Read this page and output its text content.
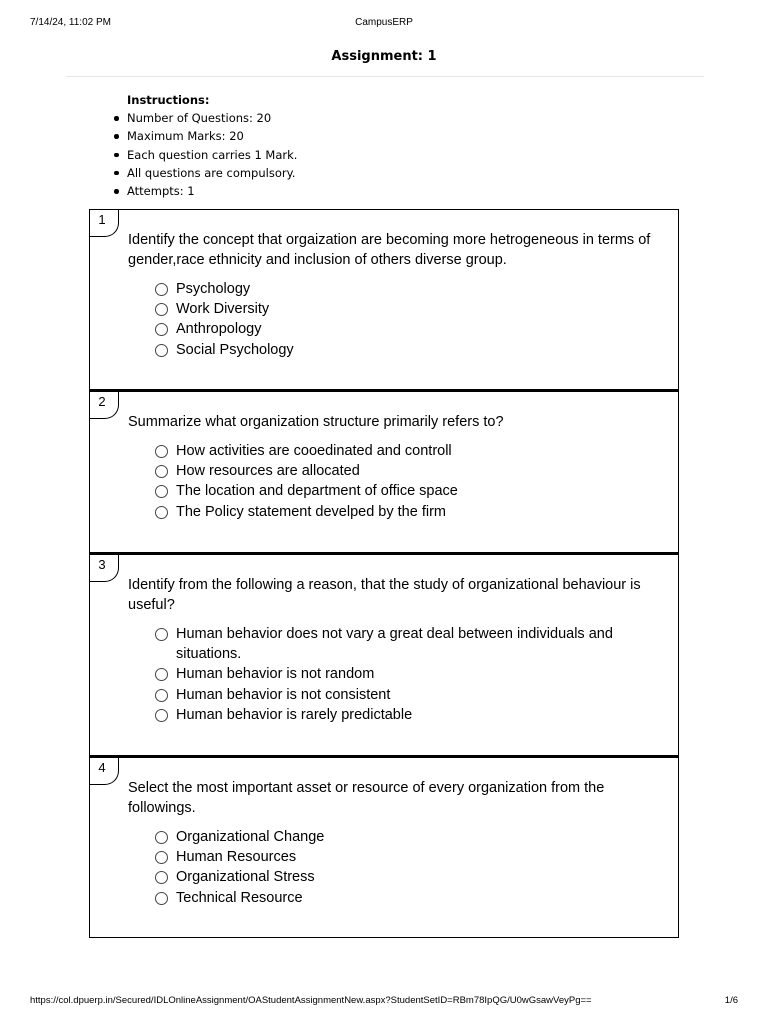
7/14/24, 11:02 PM	CampusERP
Assignment: 1
Instructions:
Number of Questions: 20
Maximum Marks: 20
Each question carries 1 Mark.
All questions are compulsory.
Attempts: 1
1
Identify the concept that orgaization are becoming more hetrogeneous in terms of gender,race ethnicity and inclusion of others diverse group.
Psychology
Work Diversity
Anthropology
Social Psychology
2
Summarize what organization structure primarily refers to?
How activities are cooedinated and controll
How resources are allocated
The location and department of office space
The Policy statement develped by the firm
3
Identify from the following a reason, that the study of organizational behaviour is useful?
Human behavior does not vary a great deal between individuals and situations.
Human behavior is not random
Human behavior is not consistent
Human behavior is rarely predictable
4
Select the most important asset or resource of every organization from the followings.
Organizational Change
Human Resources
Organizational Stress
Technical Resource
https://col.dpuerp.in/Secured/IDLOnlineAssignment/OAStudentAssignmentNew.aspx?StudentSetID=RBm78IpQG/U0wGsawVeyPg==	1/6
